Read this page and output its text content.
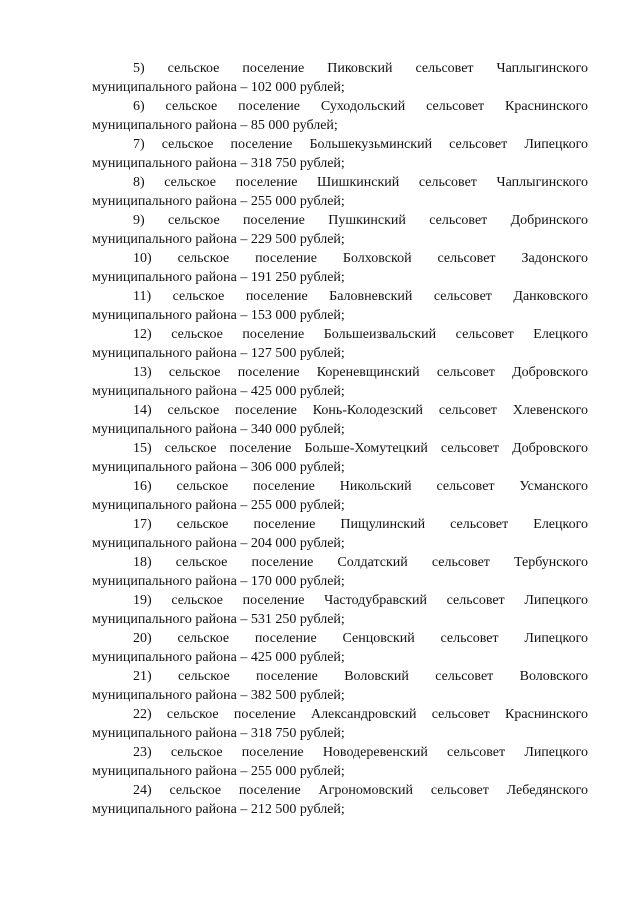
5) сельское поселение Пиковский сельсовет Чаплыгинского
муниципального района – 102 000 рублей;

6) сельское поселение Суходольский сельсовет Краснинского
муниципального района – 85 000 рублей;

7) сельское поселение Большекузьминский сельсовет Липецкого
муниципального района – 318 750 рублей;

8) сельское поселение Шишкинский сельсовет Чаплыгинского
муниципального района – 255 000 рублей;

9) сельское поселение Пушкинский сельсовет Добринского
муниципального района – 229 500 рублей;

10) сельское поселение Болховской сельсовет Задонского
муниципального района – 191 250 рублей;

11) сельское поселение Баловневский сельсовет Данковского
муниципального района – 153 000 рублей;

12) сельское поселение Большеизвальский сельсовет Елецкого
муниципального района – 127 500 рублей;

13) сельское поселение Кореневщинский сельсовет Добровского
муниципального района – 425 000 рублей;

14) сельское поселение Конь-Колодезский сельсовет Хлевенского
муниципального района – 340 000 рублей;

15) сельское поселение Больше-Хомутецкий сельсовет Добровского
муниципального района – 306 000 рублей;

16) сельское поселение Никольский сельсовет Усманского
муниципального района – 255 000 рублей;

17) сельское поселение Пищулинский сельсовет Елецкого
муниципального района – 204 000 рублей;

18) сельское поселение Солдатский сельсовет Тербунского
муниципального района – 170 000 рублей;

19) сельское поселение Частодубравский сельсовет Липецкого
муниципального района – 531 250 рублей;

20) сельское поселение Сенцовский сельсовет Липецкого
муниципального района – 425 000 рублей;

21) сельское поселение Воловский сельсовет Воловского
муниципального района – 382 500 рублей;

22) сельское поселение Александровский сельсовет Краснинского
муниципального района – 318 750 рублей;

23) сельское поселение Новодеревенский сельсовет Липецкого
муниципального района – 255 000 рублей;

24) сельское поселение Агрономовский сельсовет Лебедянского
муниципального района – 212 500 рублей;
